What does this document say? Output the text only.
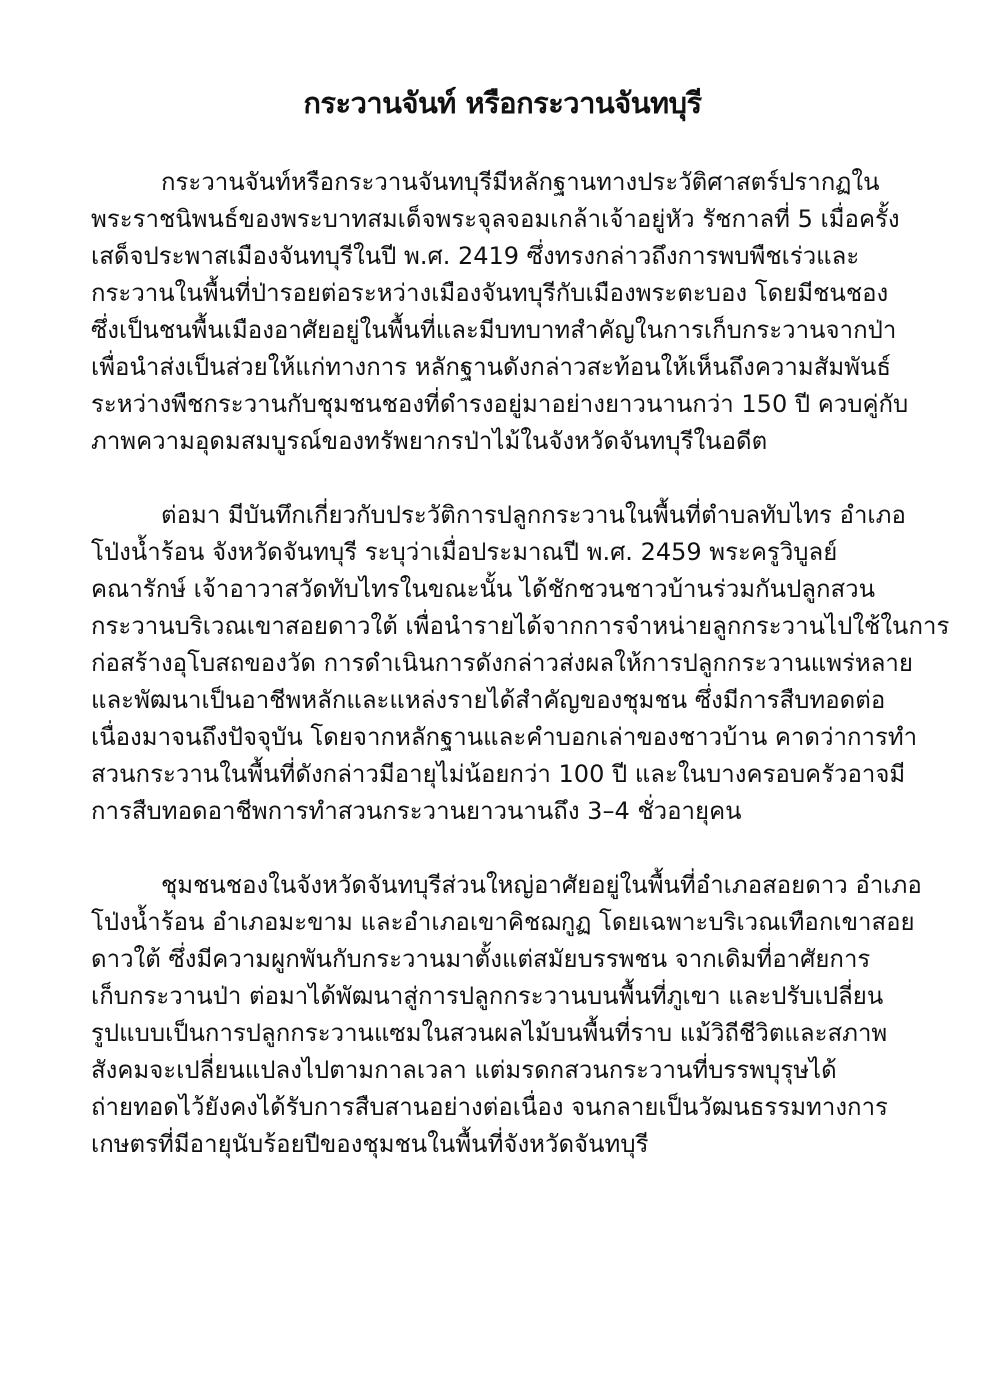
กระวานจันท์ หรือกระวานจันทบุรี

กระวานจันท์หรือกระวานจันทบุรีมีหลักฐานทางประวัติศาสตร์ปรากฏใน
พระราชนิพนธ์ของพระบาทสมเด็จพระจุลจอมเกล้าเจ้าอยู่หัว รัชกาลที่ 5 เมื่อครั้ง
เสด็จประพาสเมืองจันทบุรีในปี พ.ศ. 2419 ซึ่งทรงกล่าวถึงการพบพืชเร่วและ
กระวานในพื้นที่ป่ารอยต่อระหว่างเมืองจันทบุรีกับเมืองพระตะบอง โดยมีชนชอง
ซึ่งเป็นชนพื้นเมืองอาศัยอยู่ในพื้นที่และมีบทบาทสำคัญในการเก็บกระวานจากป่า
เพื่อนำส่งเป็นส่วยให้แก่ทางการ หลักฐานดังกล่าวสะท้อนให้เห็นถึงความสัมพันธ์
ระหว่างพืชกระวานกับชุมชนชองที่ดำรงอยู่มาอย่างยาวนานกว่า 150 ปี ควบคู่กับ
ภาพความอุดมสมบูรณ์ของทรัพยากรป่าไม้ในจังหวัดจันทบุรีในอดีต

ต่อมา มีบันทึกเกี่ยวกับประวัติการปลูกกระวานในพื้นที่ตำบลทับไทร อำเภอ
โป่งน้ำร้อน จังหวัดจันทบุรี ระบุว่าเมื่อประมาณปี พ.ศ. 2459 พระครูวิบูลย์
คณารักษ์ เจ้าอาวาสวัดทับไทรในขณะนั้น ได้ชักชวนชาวบ้านร่วมกันปลูกสวน
กระวานบริเวณเขาสอยดาวใต้ เพื่อนำรายได้จากการจำหน่ายลูกกระวานไปใช้ในการ
ก่อสร้างอุโบสถของวัด การดำเนินการดังกล่าวส่งผลให้การปลูกกระวานแพร่หลาย
และพัฒนาเป็นอาชีพหลักและแหล่งรายได้สำคัญของชุมชน ซึ่งมีการสืบทอดต่อ
เนื่องมาจนถึงปัจจุบัน โดยจากหลักฐานและคำบอกเล่าของชาวบ้าน คาดว่าการทำ
สวนกระวานในพื้นที่ดังกล่าวมีอายุไม่น้อยกว่า 100 ปี และในบางครอบครัวอาจมี
การสืบทอดอาชีพการทำสวนกระวานยาวนานถึง 3–4 ชั่วอายุคน

ชุมชนชองในจังหวัดจันทบุรีส่วนใหญ่อาศัยอยู่ในพื้นที่อำเภอสอยดาว อำเภอ
โป่งน้ำร้อน อำเภอมะขาม และอำเภอเขาคิชฌกูฏ โดยเฉพาะบริเวณเทือกเขาสอย
ดาวใต้ ซึ่งมีความผูกพันกับกระวานมาตั้งแต่สมัยบรรพชน จากเดิมที่อาศัยการ
เก็บกระวานป่า ต่อมาได้พัฒนาสู่การปลูกกระวานบนพื้นที่ภูเขา และปรับเปลี่ยน
รูปแบบเป็นการปลูกกระวานแซมในสวนผลไม้บนพื้นที่ราบ แม้วิถีชีวิตและสภาพ
สังคมจะเปลี่ยนแปลงไปตามกาลเวลา แต่มรดกสวนกระวานที่บรรพบุรุษได้
ถ่ายทอดไว้ยังคงได้รับการสืบสานอย่างต่อเนื่อง จนกลายเป็นวัฒนธรรมทางการ
เกษตรที่มีอายุนับร้อยปีของชุมชนในพื้นที่จังหวัดจันทบุรี
